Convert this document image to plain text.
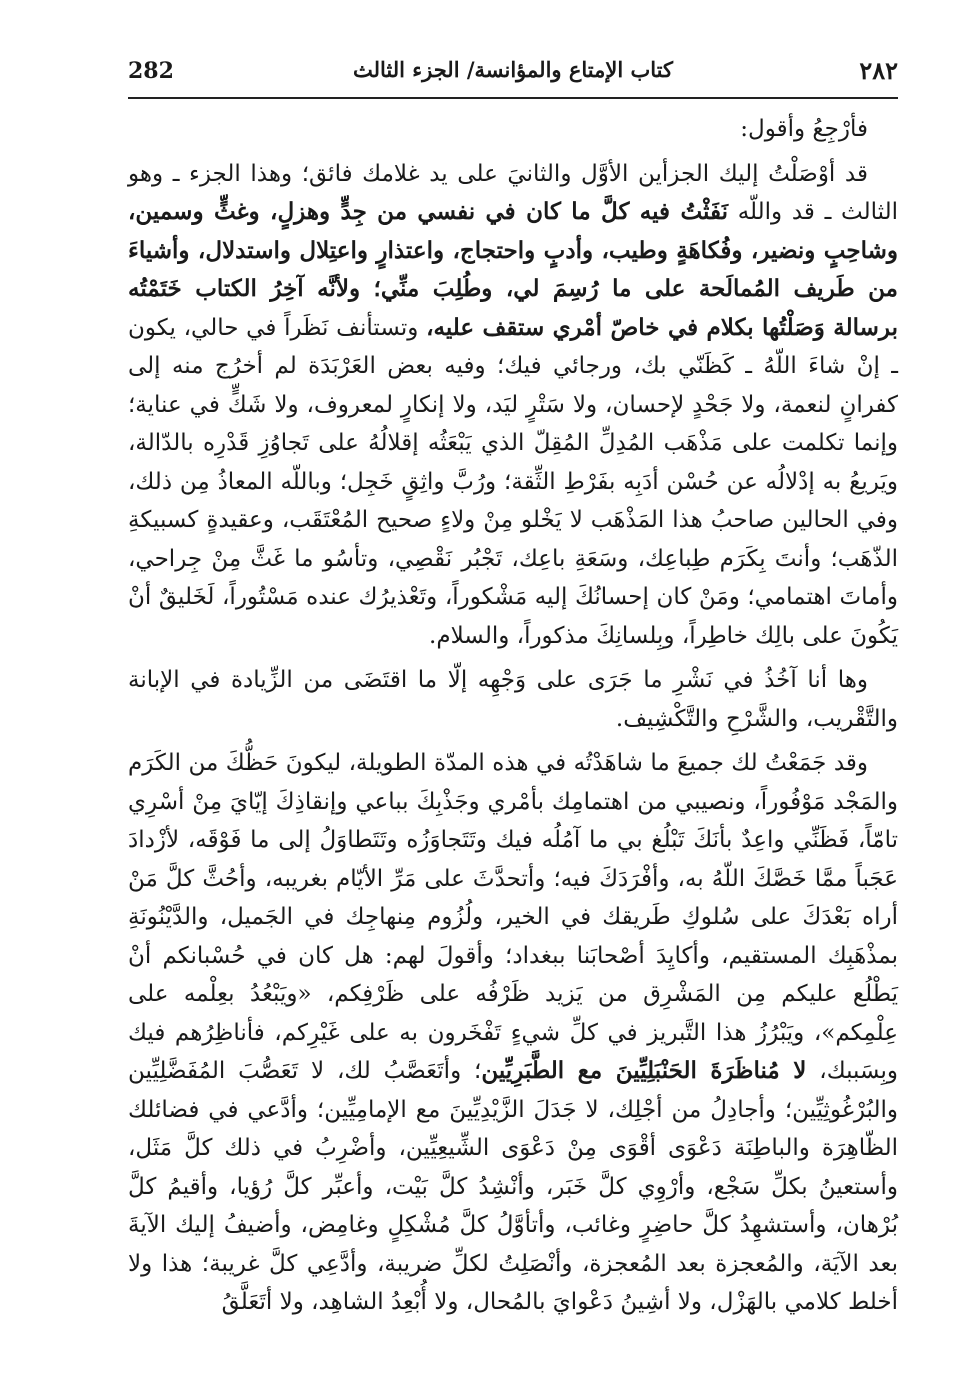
282	كتاب الإمتاع والمؤانسة/ الجزء الثالث	٢٨٢

فأرْجِعُ وأقول:

قد أوْصَلْتُ إليك الجزأين الأوَّل والثانيَ على يد غلامك فائق؛ وهذا الجزء ـ وهو الثالث ـ قد واللّه نَفَثْتُ فيه كلَّ ما كان في نفسي من جِدٍّ وهزلٍ، وغثٍّ وسمين، وشاحِبٍ ونضير، وفُكاهَةٍ وطيب، وأدبٍ واحتجاج، واعتذارٍ واعتِلال واستدلال، وأشياءَ من طَريف المُمالَحة على ما رُسِمَ لي، وطُلِبَ منِّي؛ ولأنَّه آخِرُ الكتاب خَتَمْتُه برسالة وَصَلْتُها بكلام في خاصّ أمْري ستقف عليه، وتستأنف نَظَراً في حالي، يكون ـ إنْ شاءَ اللّهُ ـ كَظَنّي بك، ورجائي فيك؛ وفيه بعض العَرْبَدَة لم أخرُج منه إلى كفرانٍ لنعمة، ولا جَحْدٍ لإحسان، ولا سَتْرٍ ليَد، ولا إنكارٍ لمعروف، ولا شَكٍّ في عناية؛ وإنما تكلمت على مَذْهَب المُدِلِّ المُقِلّ الذي يَبْعَثُه إقلالُهُ على تَجاوُزِ قَدْرِه بالدّالة، ويَريعُ به إدْلالُه عن حُسْن أدَبِه بفَرْطِ الثِّقة؛ ورُبَّ واثِقٍ خَجِل؛ وباللّه المعاذُ مِن ذلك، وفي الحالين صاحبُ هذا المَذْهَب لا يَخْلو مِنْ ولاءٍ صحيح المُعْتَقَب، وعقيدةٍ كسبيكةِ الذّهَب؛ وأنتَ بِكَرَم طِباعِك، وسَعَةِ باعِك، تَجْبُر نَقْصِي، وتأسُو ما غَثَّ مِنْ جِراحي، وأماتَ اهتمامي؛ ومَنْ كان إحسانُكَ إليه مَشْكوراً، وتَعْذيرُك عنده مَسْتُوراً، لَخَليقٌ أنْ يَكُونَ على بالِك خاطِراً، وبِلسانِكَ مذكوراً، والسلام.

وها أنا آخُذُ في نَشْرِ ما جَرَى على وَجْهِه إلّا ما اقتَضَى من الزِّيادة في الإبانة والتَّقْريب، والشَّرْحِ والتَّكْشِيف.

وقد جَمَعْتُ لك جميعَ ما شاهَدْتُه في هذه المدّة الطويلة، ليكونَ حَظُّكَ من الكَرَم والمَجْد مَوْفُوراً، ونصيبي من اهتمامِك بأمْري وجَذْبِكَ بباعي وإنقاذِكَ إيّايَ مِنْ أسْرِي تامّاً، فَظَنِّي واعِدٌ بأنَكَ تَبْلُغ بي ما آمُلُه فيك وتَتَجاوَزُه وتَتَطاوَلُ إلى ما فَوْقَه، لأزْدادَ عَجَباً ممَّا خَصَّكَ اللّهُ به، وأفْرَدَكَ فيه؛ وأتحدَّثَ على مَرِّ الأيّام بغريبه، وأحُثَّ كلَّ مَنْ أراه بَعْدَكَ على سُلوكِ طَريقك في الخير، ولُزُوم مِنهاجِك في الجَميل، والدَّيْنُونَةِ بمذْهَبِك المستقيم، وأكايِدَ أصْحابَنا ببغداد؛ وأقولَ لهم: هل كان في حُسْبانكم أنْ يَطْلُع عليكم مِن المَشْرِق من يَزيد ظَرْفُه على ظَرْفِكم، «ويَبْعُدُ بعِلْمه على عِلْمِكم»، ويَبْرُزُ هذا التَّبريز في كلِّ شيءٍ تَفْخَرون به على غَيْرِكم، فأناظِرُهم فيك وبِسَببك، لا مُناظَرَةَ الحَنْبَلِيِّينَ مع الطَّبَرِيِّين؛ وأتَعَصَّبُ لك، لا تَعَصُّبَ المُفَضَّلِيِّين والبُرْغُوثِيِّين؛ وأجادِلُ من أجْلِك، لا جَدَلَ الزَّيْدِيِّينَ مع الإمامِيِّين؛ وأدَّعي في فضائلك الظّاهِرَة والباطِنَة دَعْوَى أقْوَى مِنْ دَعْوَى الشِّيعِيِّين، وأضْرِبُ في ذلك كلَّ مَثَل، وأستعينُ بكلِّ سَجْع، وأرْوِي كلَّ خَبَر، وأنْشِدُ كلَّ بَيْت، وأعبِّر كلَّ رُؤيا، وأقيمُ كلَّ بُرْهان، وأستشهِدُ كلَّ حاضِرٍ وغائب، وأتأوَّلُ كلَّ مُشْكِلٍ وغامِض، وأضيفُ إليك الآيةَ بعد الآيَة، والمُعجزة بعد المُعجزة، وأنْصَلِتُ لكلِّ ضريبة، وأدَّعِي كلَّ غريبة؛ هذا ولا أخلط كلامي بالهَزْل، ولا أشِينُ دَعْوايَ بالمُحال، ولا أُبْعِدُ الشاهِد، ولا أتَعَلَّقُ
